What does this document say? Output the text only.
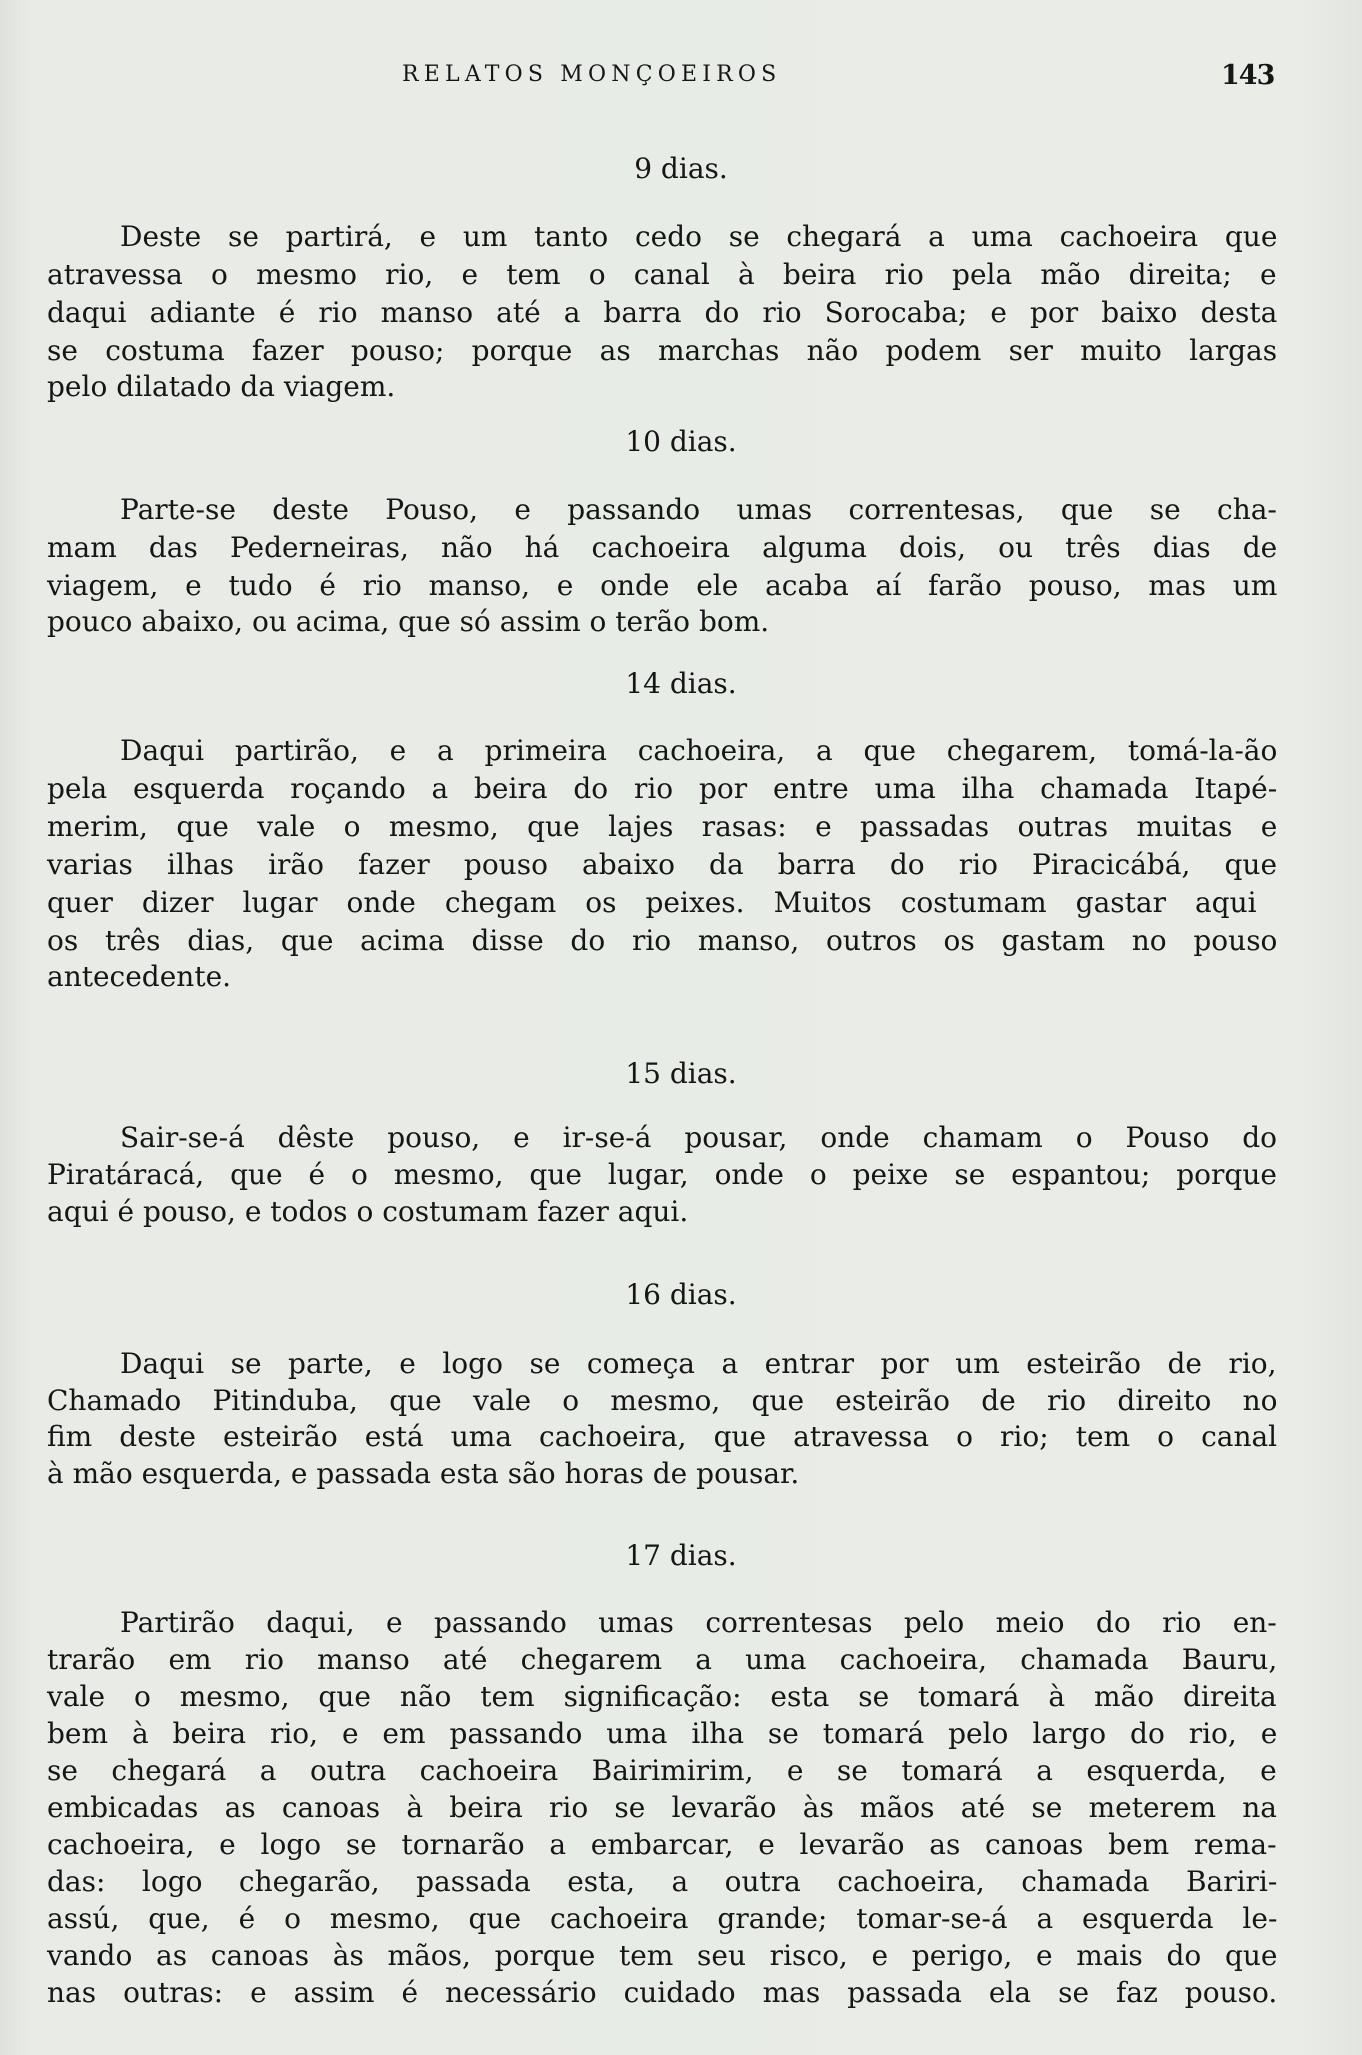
RELATOS MONÇOEIROS	143
9 dias.
Deste se partirá, e um tanto cedo se chegará a uma cachoeira que
atravessa o mesmo rio, e tem o canal à beira rio pela mão direita; e
daqui adiante é rio manso até a barra do rio Sorocaba; e por baixo desta
se costuma fazer pouso; porque as marchas não podem ser muito largas
pelo dilatado da viagem.
10 dias.
Parte-se deste Pouso, e passando umas correntesas, que se cha-
mam das Pederneiras, não há cachoeira alguma dois, ou três dias de
viagem, e tudo é rio manso, e onde ele acaba aí farão pouso, mas um
pouco abaixo, ou acima, que só assim o terão bom.
14 dias.
Daqui partirão, e a primeira cachoeira, a que chegarem, tomá-la-ão
pela esquerda roçando a beira do rio por entre uma ilha chamada Itapé-
merim, que vale o mesmo, que lajes rasas: e passadas outras muitas e
varias ilhas irão fazer pouso abaixo da barra do rio Piracicábá, que
quer dizer lugar onde chegam os peixes. Muitos costumam gastar aqui
os três dias, que acima disse do rio manso, outros os gastam no pouso
antecedente.
15 dias.
Sair-se-á dêste pouso, e ir-se-á pousar, onde chamam o Pouso do
Piratáracá, que é o mesmo, que lugar, onde o peixe se espantou; porque
aqui é pouso, e todos o costumam fazer aqui.
16 dias.
Daqui se parte, e logo se começa a entrar por um esteirão de rio,
Chamado Pitinduba, que vale o mesmo, que esteirão de rio direito no
fim deste esteirão está uma cachoeira, que atravessa o rio; tem o canal
à mão esquerda, e passada esta são horas de pousar.
17 dias.
Partirão daqui, e passando umas correntesas pelo meio do rio en-
trarão em rio manso até chegarem a uma cachoeira, chamada Bauru,
vale o mesmo, que não tem significação: esta se tomará à mão direita
bem à beira rio, e em passando uma ilha se tomará pelo largo do rio, e
se chegará a outra cachoeira Bairimirim, e se tomará a esquerda, e
embicadas as canoas à beira rio se levarão às mãos até se meterem na
cachoeira, e logo se tornarão a embarcar, e levarão as canoas bem rema-
das: logo chegarão, passada esta, a outra cachoeira, chamada Bariri-
assú, que, é o mesmo, que cachoeira grande; tomar-se-á a esquerda le-
vando as canoas às mãos, porque tem seu risco, e perigo, e mais do que
nas outras: e assim é necessário cuidado mas passada ela se faz pouso.
